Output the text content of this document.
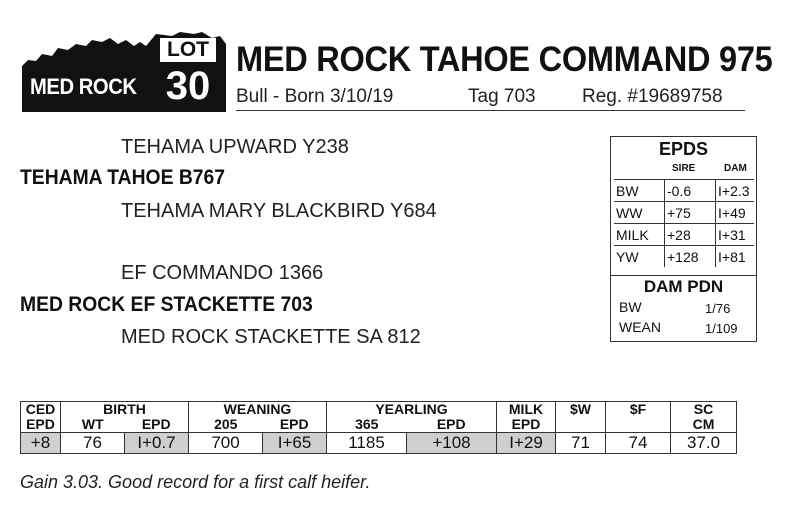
MED ROCK
LOT
30
MED ROCK TAHOE COMMAND 975
Bull - Born 3/10/19	Tag 703 Reg. #19689758
TEHAMA UPWARD Y238
TEHAMA TAHOE B767
TEHAMA MARY BLACKBIRD Y684
EF COMMANDO 1366
MED ROCK EF STACKETTE 703
MED ROCK STACKETTE SA 812
EPDS
SIRE	DAM
BW	-0.6	I+2.3
WW	+75	I+49
MILK	+28	I+31
YW	+128	I+81
DAM PDN
BW	1/76
WEAN	1/109
CED	BIRTH		WEANING		YEARLING		MILK	$W	$F	SC
EPD	WT	EPD	205	EPD	365	EPD	EPD			CM
+8	76	I+0.7	700	I+65	1185	+108	I+29	71	74	37.0
Gain 3.03. Good record for a first calf heifer.
